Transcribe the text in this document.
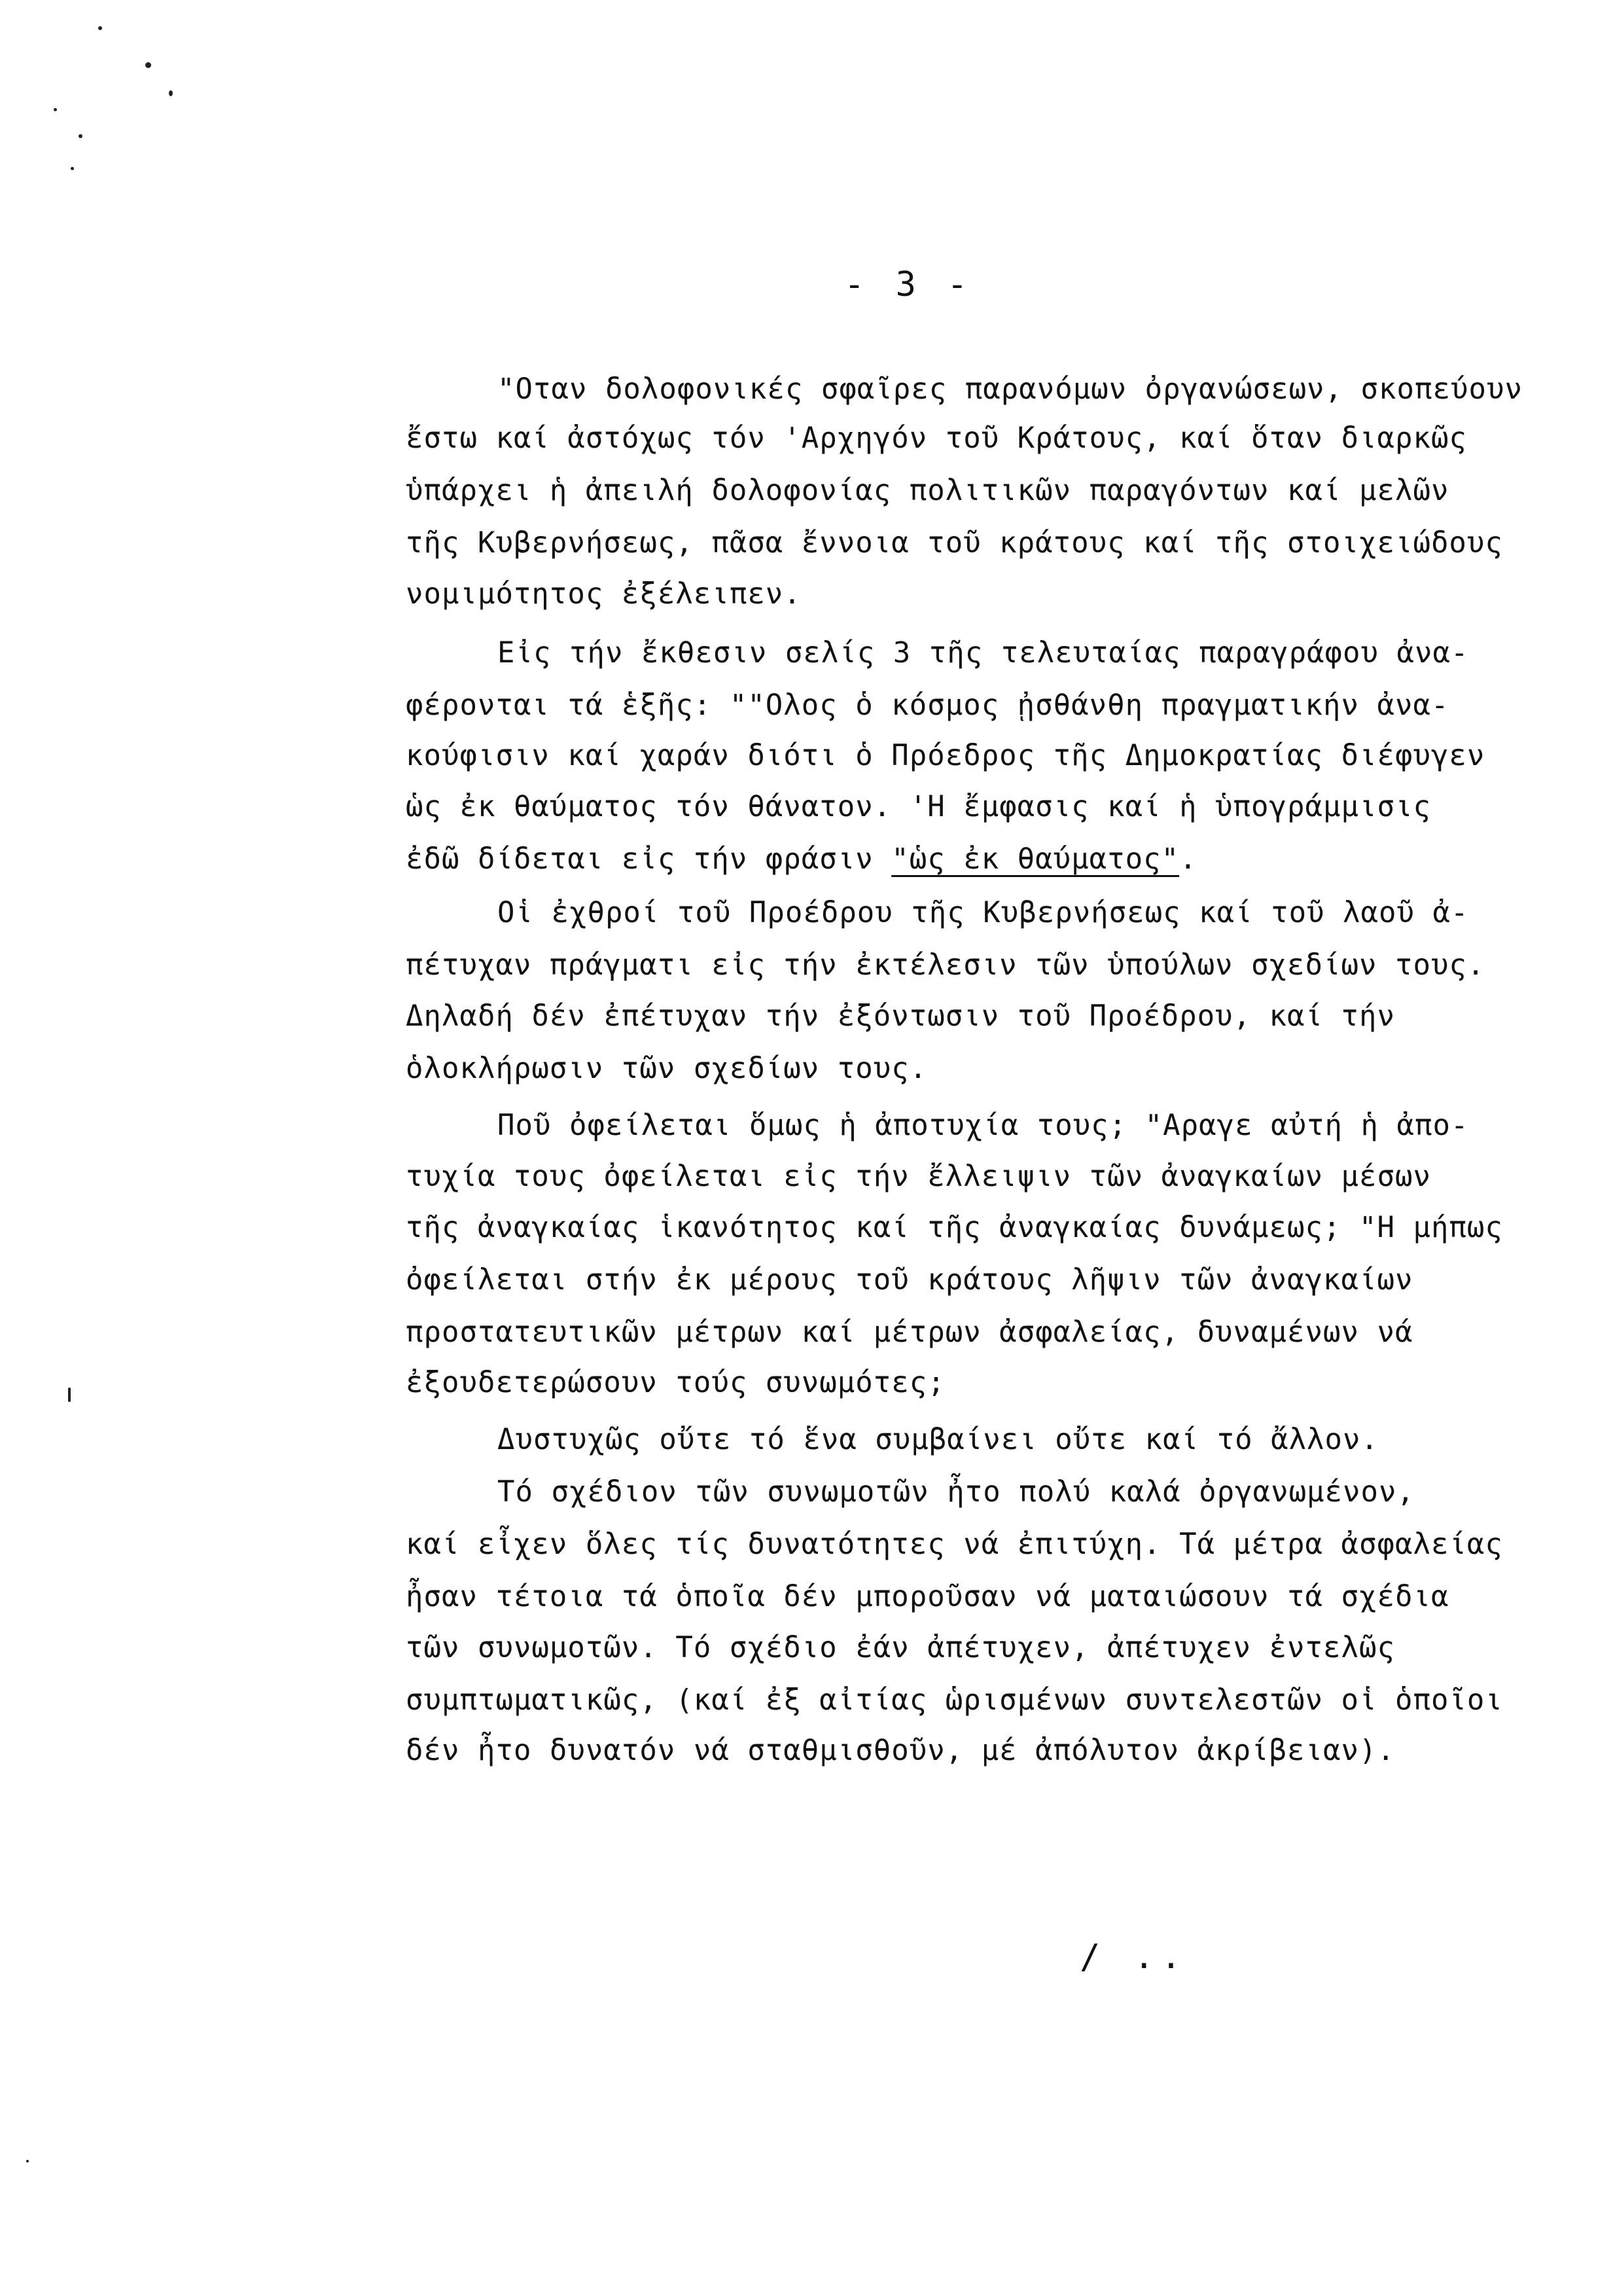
- 3 -
"Οταν δολοφονικές σφαῖρες παρανόμων ὀργανώσεων, σκοπεύουν
ἔστω καί ἀστόχως τόν 'Αρχηγόν τοῦ Κράτους, καί ὅταν διαρκῶς
ὑπάρχει ἡ ἀπειλή δολοφονίας πολιτικῶν παραγόντων καί μελῶν
τῆς Κυβερνήσεως, πᾶσα ἔννοια τοῦ κράτους καί τῆς στοιχειώδους
νομιμότητος ἐξέλειπεν.
Εἰς τήν ἔκθεσιν σελίς 3 τῆς τελευταίας παραγράφου ἀνα-
φέρονται τά ἑξῆς: ""Ολος ὁ κόσμος ᾐσθάνθη πραγματικήν ἀνα-
κούφισιν καί χαράν διότι ὁ Πρόεδρος τῆς Δημοκρατίας διέφυγεν
ὡς ἐκ θαύματος τόν θάνατον. 'Η ἔμφασις καί ἡ ὑπογράμμισις
ἐδῶ δίδεται εἰς τήν φράσιν "ὡς ἐκ θαύματος".
Οἱ ἐχθροί τοῦ Προέδρου τῆς Κυβερνήσεως καί τοῦ λαοῦ ἀ-
πέτυχαν πράγματι εἰς τήν ἐκτέλεσιν τῶν ὑπούλων σχεδίων τους.
Δηλαδή δέν ἐπέτυχαν τήν ἐξόντωσιν τοῦ Προέδρου, καί τήν
ὁλοκλήρωσιν τῶν σχεδίων τους.
Ποῦ ὀφείλεται ὅμως ἡ ἀποτυχία τους; "Αραγε αὐτή ἡ ἀπο-
τυχία τους ὀφείλεται εἰς τήν ἔλλειψιν τῶν ἀναγκαίων μέσων
τῆς ἀναγκαίας ἱκανότητος καί τῆς ἀναγκαίας δυνάμεως; "Η μήπως
ὀφείλεται στήν ἐκ μέρους τοῦ κράτους λῆψιν τῶν ἀναγκαίων
προστατευτικῶν μέτρων καί μέτρων ἀσφαλείας, δυναμένων νά
ἐξουδετερώσουν τούς συνωμότες;
Δυστυχῶς οὔτε τό ἕνα συμβαίνει οὔτε καί τό ἄλλον.
Τό σχέδιον τῶν συνωμοτῶν ἦτο πολύ καλά ὀργανωμένον,
καί εἶχεν ὅλες τίς δυνατότητες νά ἐπιτύχη. Τά μέτρα ἀσφαλείας
ἦσαν τέτοια τά ὁποῖα δέν μποροῦσαν νά ματαιώσουν τά σχέδια
τῶν συνωμοτῶν. Τό σχέδιο ἐάν ἀπέτυχεν, ἀπέτυχεν ἐντελῶς
συμπτωματικῶς, (καί ἐξ αἰτίας ὡρισμένων συντελεστῶν οἱ ὁποῖοι
δέν ἦτο δυνατόν νά σταθμισθοῦν, μέ ἀπόλυτον ἀκρίβειαν).
/ ..
